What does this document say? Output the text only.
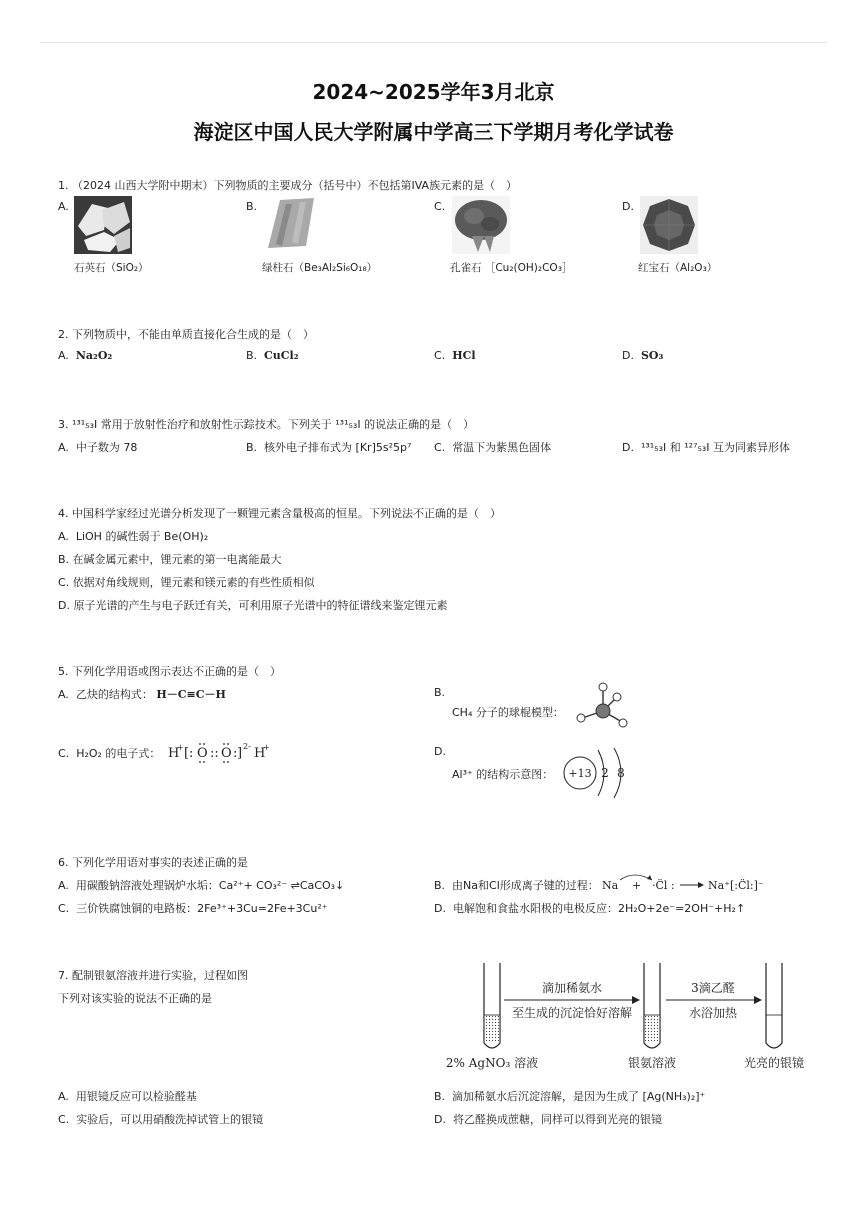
2024~2025学年3月北京
海淀区中国人民大学附属中学高三下学期月考化学试卷
1. （2024 山西大学附中期末）下列物质的主要成分（括号中）不包括第IVA族元素的是（　）
A.
石英石（SiO₂）
B.
绿柱石（Be₃Al₂Si₆O₁₈）
C.
孔雀石 ［Cu₂(OH)₂CO₃］
D.
红宝石（Al₂O₃）
2. 下列物质中，不能由单质直接化合生成的是（　）
A. Na₂O₂	B. CuCl₂	C. HCl	D. SO₃
3. ¹³¹₅₃I 常用于放射性治疗和放射性示踪技术。下列关于 ¹³¹₅₃I 的说法正确的是（　）
A. 中子数为 78	B. 核外电子排布式为 [Kr]5s²5p⁷ C. 常温下为紫黑色固体	D. ¹³¹₅₃I 和 ¹²⁷₅₃I 互为同素异形体
4. 中国科学家经过光谱分析发现了一颗锂元素含量极高的恒星。下列说法不正确的是（　）
A. LiOH 的碱性弱于 Be(OH)₂
B. 在碱金属元素中，锂元素的第一电离能最大
C. 依据对角线规则，锂元素和镁元素的有些性质相似
D. 原子光谱的产生与电子跃迁有关，可利用原子光谱中的特征谱线来鉴定锂元素
5. 下列化学用语或图示表达不正确的是（　）
A. 乙炔的结构式： H－C≡C－H	B.
CH₄ 分子的球棍模型：
C. H₂O₂ 的电子式： H
+ [ : O :: O : ] 2- H
+	D.
Al³⁺ 的结构示意图： +13 2 8
6. 下列化学用语对事实的表述正确的是
A. 用碳酸钠溶液处理锅炉水垢：Ca²⁺+ CO₃²⁻ ⇌CaCO₃↓	B. 由Na和Cl形成离子键的过程： Na + ·C̈l :	Na⁺[:C̈l:]⁻
C. 三价铁腐蚀铜的电路板：2Fe³⁺+3Cu=2Fe+3Cu²⁺	D. 电解饱和食盐水阳极的电极反应：2H₂O+2e⁻=2OH⁻+H₂↑
7. 配制银氨溶液并进行实验，过程如图
下列对该实验的说法不正确的是
滴加稀氨水
至生成的沉淀恰好溶解
3滴乙醛
水浴加热
2% AgNO₃ 溶液	银氨溶液	光亮的银镜
A. 用银镜反应可以检验醛基	B. 滴加稀氨水后沉淀溶解，是因为生成了 [Ag(NH₃)₂]⁺
C. 实验后，可以用硝酸洗掉试管上的银镜	D. 将乙醛换成蔗糖，同样可以得到光亮的银镜
